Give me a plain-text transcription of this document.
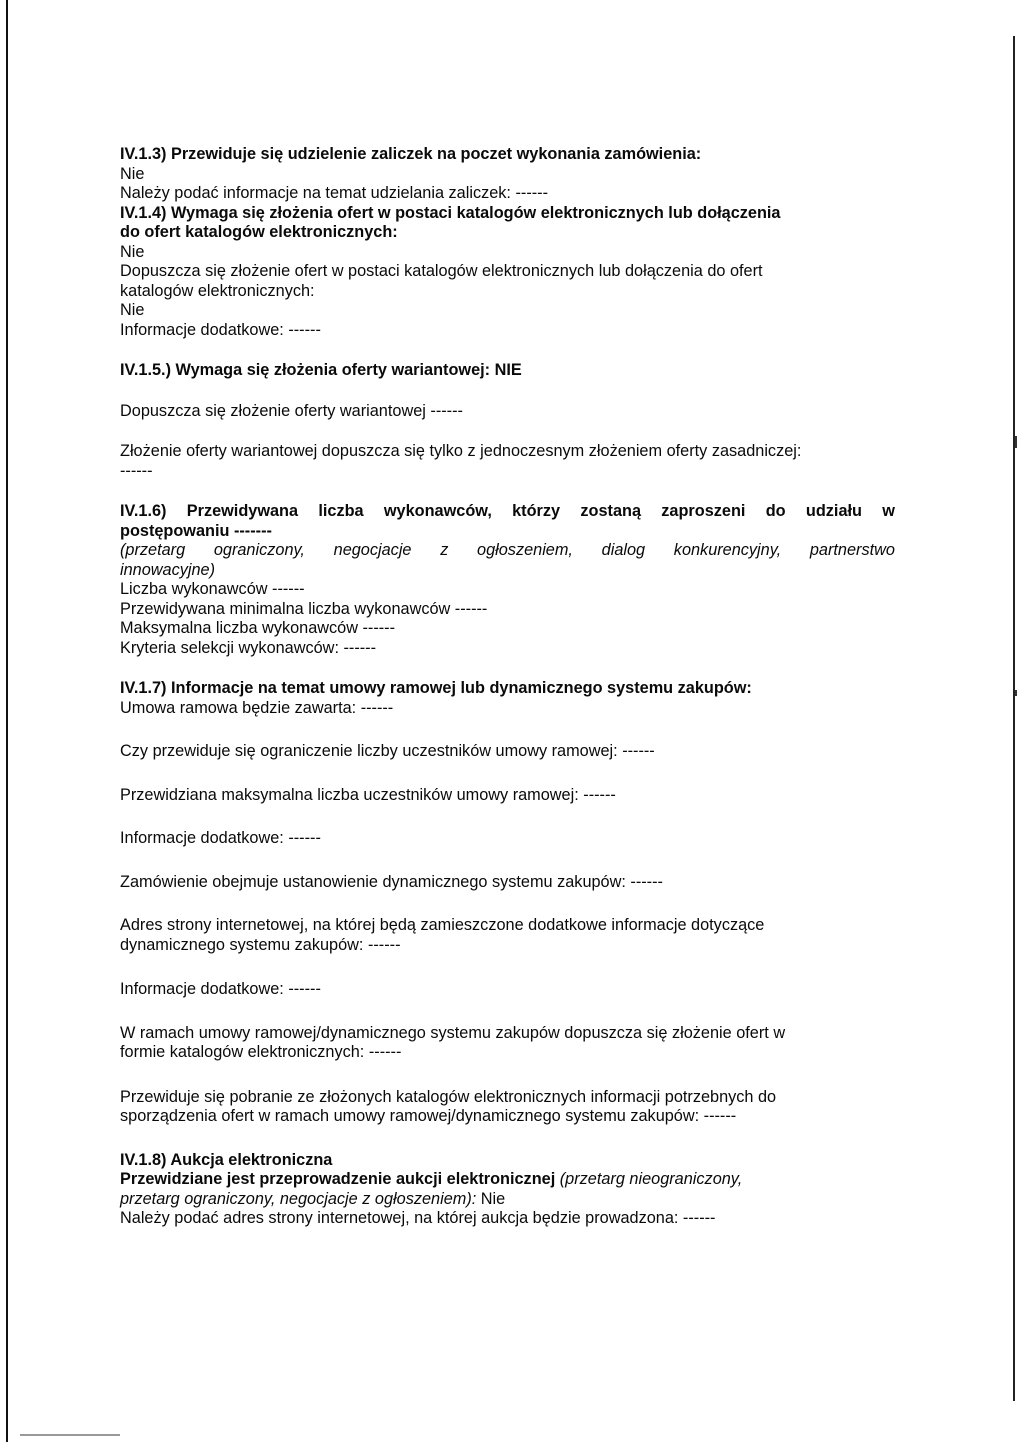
IV.1.3) Przewiduje się udzielenie zaliczek na poczet wykonania zamówienia:
Nie
Należy podać informacje na temat udzielania zaliczek: ------
IV.1.4) Wymaga się złożenia ofert w postaci katalogów elektronicznych lub dołączenia
do ofert katalogów elektronicznych:
Nie
Dopuszcza się złożenie ofert w postaci katalogów elektronicznych lub dołączenia do ofert
katalogów elektronicznych:
Nie
Informacje dodatkowe: ------
IV.1.5.) Wymaga się złożenia oferty wariantowej: NIE
Dopuszcza się złożenie oferty wariantowej ------
Złożenie oferty wariantowej dopuszcza się tylko z jednoczesnym złożeniem oferty zasadniczej:
------
IV.1.6) Przewidywana liczba wykonawców, którzy zostaną zaproszeni do udziału w
postępowaniu -------
(przetarg ograniczony, negocjacje z ogłoszeniem, dialog konkurencyjny, partnerstwo
innowacyjne)
Liczba wykonawców ------
Przewidywana minimalna liczba wykonawców ------
Maksymalna liczba wykonawców ------
Kryteria selekcji wykonawców: ------
IV.1.7) Informacje na temat umowy ramowej lub dynamicznego systemu zakupów:
Umowa ramowa będzie zawarta: ------
Czy przewiduje się ograniczenie liczby uczestników umowy ramowej: ------
Przewidziana maksymalna liczba uczestników umowy ramowej: ------
Informacje dodatkowe: ------
Zamówienie obejmuje ustanowienie dynamicznego systemu zakupów: ------
Adres strony internetowej, na której będą zamieszczone dodatkowe informacje dotyczące
dynamicznego systemu zakupów: ------
Informacje dodatkowe: ------
W ramach umowy ramowej/dynamicznego systemu zakupów dopuszcza się złożenie ofert w
formie katalogów elektronicznych: ------
Przewiduje się pobranie ze złożonych katalogów elektronicznych informacji potrzebnych do
sporządzenia ofert w ramach umowy ramowej/dynamicznego systemu zakupów: ------
IV.1.8) Aukcja elektroniczna
Przewidziane jest przeprowadzenie aukcji elektronicznej (przetarg nieograniczony,
przetarg ograniczony, negocjacje z ogłoszeniem): Nie
Należy podać adres strony internetowej, na której aukcja będzie prowadzona: ------
